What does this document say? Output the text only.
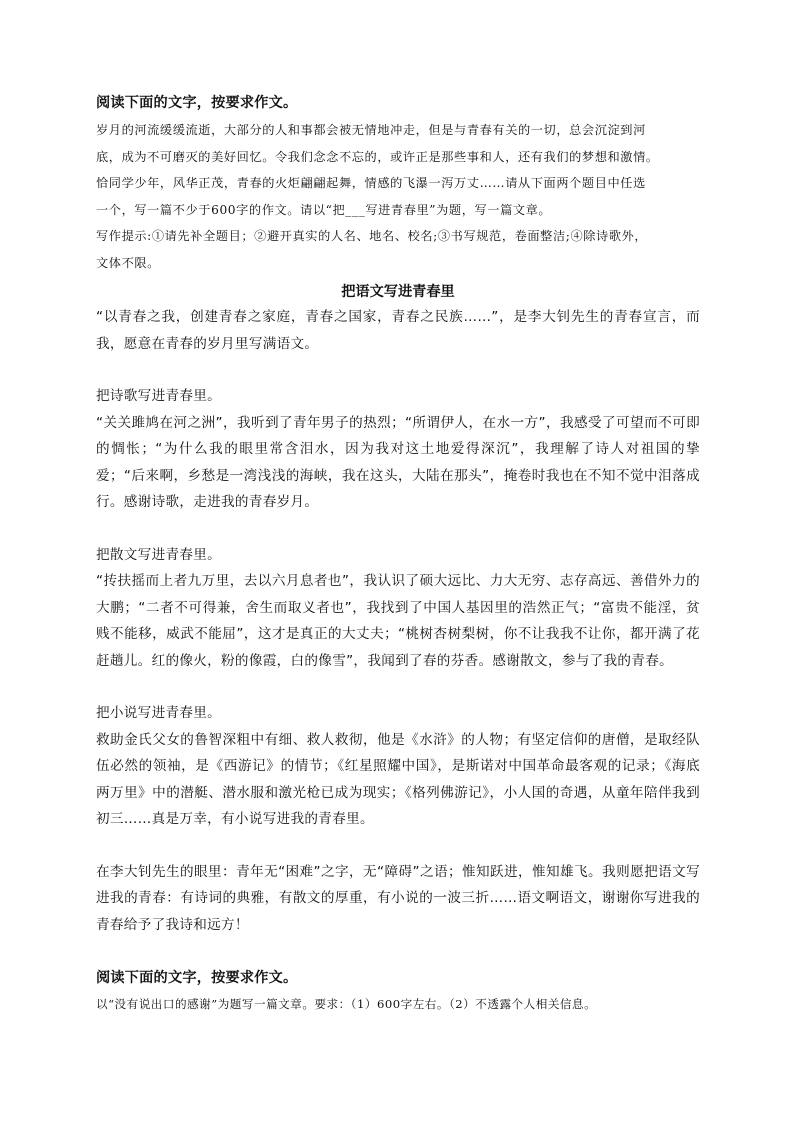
阅读下面的文字，按要求作文。

岁月的河流缓缓流逝，大部分的人和事都会被无情地冲走，但是与青春有关的一切，总会沉淀到河

底，成为不可磨灭的美好回忆。令我们念念不忘的，或许正是那些事和人，还有我们的梦想和激情。

恰同学少年，风华正茂，青春的火炬翩翩起舞，情感的飞瀑一泻万丈……请从下面两个题目中任选

一个，写一篇不少于600字的作文。请以“把___写进青春里”为题，写一篇文章。

写作提示:①请先补全题目；②避开真实的人名、地名、校名;③书写规范，卷面整洁;④除诗歌外，

文体不限。

把语文写进青春里

“以青春之我，创建青春之家庭，青春之国家，青春之民族……”，是李大钊先生的青春宣言，而我，愿意在青春的岁月里写满语文。

把诗歌写进青春里。

“关关雎鸠在河之洲”，我听到了青年男子的热烈；“所谓伊人，在水一方”，我感受了可望而不可即的惆怅；“为什么我的眼里常含泪水，因为我对这土地爱得深沉”，我理解了诗人对祖国的挚爱；“后来啊，乡愁是一湾浅浅的海峡，我在这头，大陆在那头”，掩卷时我也在不知不觉中泪落成行。感谢诗歌，走进我的青春岁月。

把散文写进青春里。

“抟扶摇而上者九万里，去以六月息者也”，我认识了硕大远比、力大无穷、志存高远、善借外力的大鹏；“二者不可得兼，舍生而取义者也”，我找到了中国人基因里的浩然正气；“富贵不能淫，贫贱不能移，威武不能屈”，这才是真正的大丈夫；“桃树杏树梨树，你不让我我不让你，都开满了花赶趟儿。红的像火，粉的像霞，白的像雪”，我闻到了春的芬香。感谢散文，参与了我的青春。

把小说写进青春里。

救助金氏父女的鲁智深粗中有细、救人救彻，他是《水浒》的人物；有坚定信仰的唐僧，是取经队伍必然的领袖，是《西游记》的情节；《红星照耀中国》，是斯诺对中国革命最客观的记录；《海底两万里》中的潜艇、潜水服和激光枪已成为现实；《格列佛游记》，小人国的奇遇，从童年陪伴我到初三……真是万幸，有小说写进我的青春里。

在李大钊先生的眼里：青年无“困难”之字，无“障碍”之语；惟知跃进，惟知雄飞。我则愿把语文写进我的青春：有诗词的典雅，有散文的厚重，有小说的一波三折……语文啊语文，谢谢你写进我的青春给予了我诗和远方！

阅读下面的文字，按要求作文。
以“没有说出口的感谢”为题写一篇文章。要求：（1）600字左右。（2）不透露个人相关信息。
